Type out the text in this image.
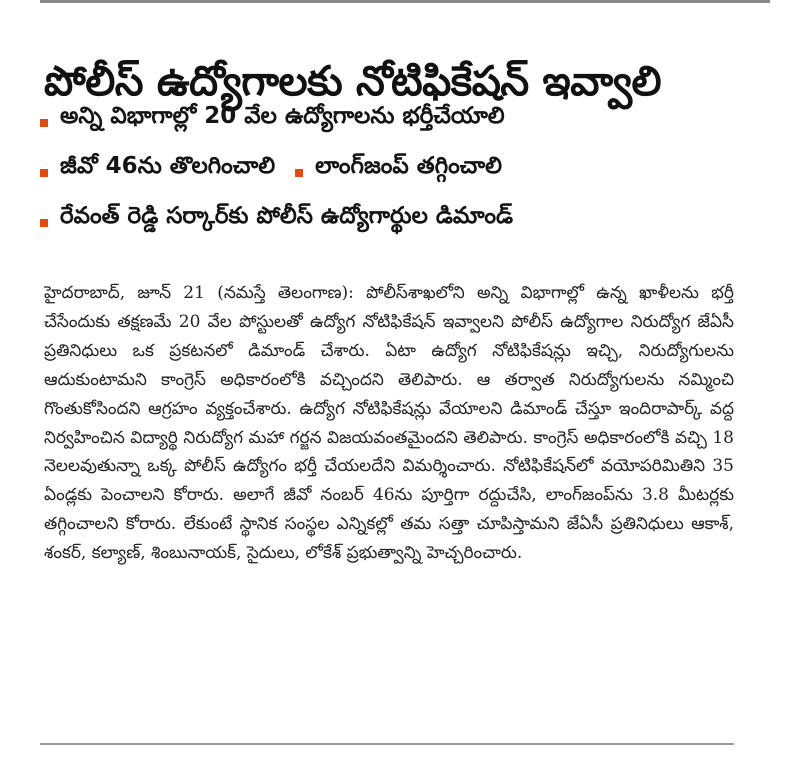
పోలీస్ ఉద్యోగాలకు నోటిఫికేషన్ ఇవ్వాలి
అన్ని విభాగాల్లో 20 వేల ఉద్యోగాలను భర్తీచేయాలి
జీవో 46ను తొలగించాలి లాంగ్‌జంప్ తగ్గించాలి
రేవంత్ రెడ్డి సర్కార్‌కు పోలీస్ ఉద్యోగార్థుల డిమాండ్

హైదరాబాద్, జూన్ 21 (నమస్తే తెలంగాణ): పోలీస్‌శాఖలోని అన్ని విభాగాల్లో ఉన్న ఖాళీలను భర్తీ చేసేందుకు తక్షణమే 20 వేల పోస్టులతో ఉద్యోగ నోటిఫికేషన్ ఇవ్వాలని పోలీస్ ఉద్యోగాల నిరుద్యోగ జేఏసీ ప్రతినిధులు ఒక ప్రకటనలో డిమాండ్ చేశారు. ఏటా ఉద్యోగ నోటిఫికేషన్లు ఇచ్చి, నిరుద్యోగులను ఆదుకుంటామని కాంగ్రెస్ అధికారంలోకి వచ్చిందని తెలిపారు. ఆ తర్వాత నిరుద్యోగులను నమ్మించి గొంతుకోసిందని ఆగ్రహం వ్యక్తంచేశారు. ఉద్యోగ నోటిఫికేషన్లు వేయాలని డిమాండ్ చేస్తూ ఇందిరాపార్క్ వద్ద నిర్వహించిన విద్యార్థి నిరుద్యోగ మహా గర్జన విజయవంతమైందని తెలిపారు. కాంగ్రెస్ అధికారంలోకి వచ్చి 18 నెలలవుతున్నా ఒక్క పోలీస్ ఉద్యోగం భర్తీ చేయలదేని విమర్శించారు. నోటిఫికేషన్‌లో వయోపరిమితిని 35 ఏండ్లకు పెంచాలని కోరారు. అలాగే జీవో నంబర్ 46ను పూర్తిగా రద్దుచేసి, లాంగ్‌జంప్‌ను 3.8 మీటర్లకు తగ్గించాలని కోరారు. లేకుంటే స్థానిక సంస్థల ఎన్నికల్లో తమ సత్తా చూపిస్తామని జేఏసీ ప్రతినిధులు ఆకాశ్, శంకర్, కల్యాణ్, శింబునాయక్, సైదులు, లోకేశ్ ప్రభుత్వాన్ని హెచ్చరించారు.
